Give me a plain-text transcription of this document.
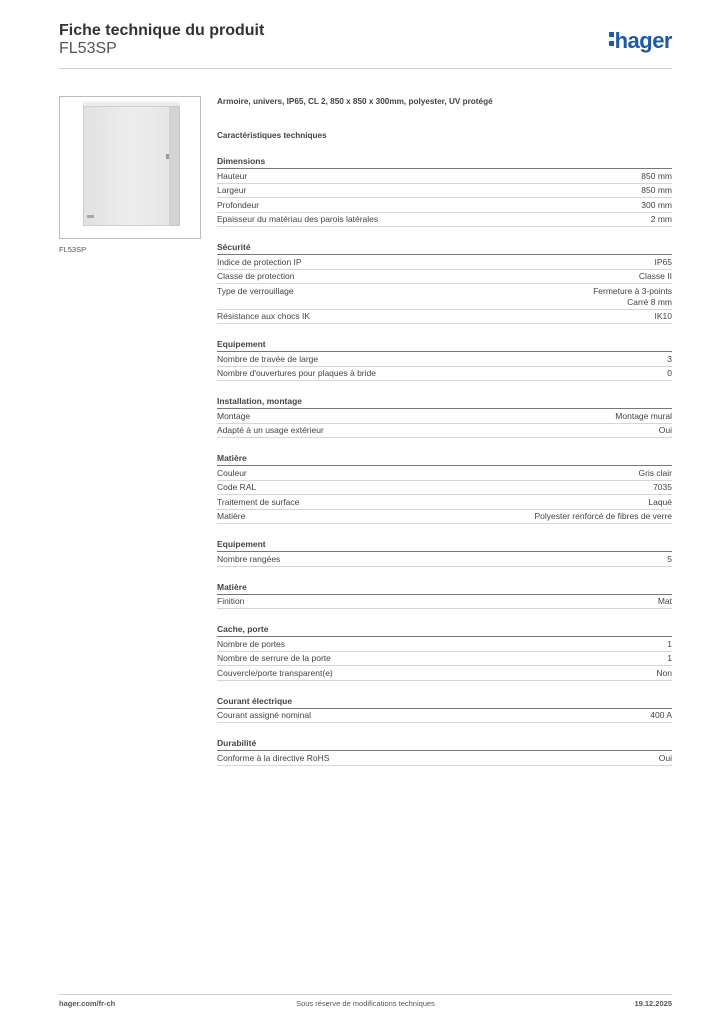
Fiche technique du produit
FL53SP	hager
FL53SP
Armoire, univers, IP65, CL 2, 850 x 850 x 300mm, polyester, UV protégé
Caractéristiques techniques
Dimensions
Hauteur	850 mm
Largeur	850 mm
Profondeur	300 mm
Epaisseur du matériau des parois latérales	2 mm
Sécurité
Indice de protection IP	IP65
Classe de protection	Classe II
Type de verrouillage	Fermeture à 3-points
Carré 8 mm
Résistance aux chocs IK	IK10
Equipement
Nombre de travée de large	3
Nombre d'ouvertures pour plaques à bride	0
Installation, montage
Montage	Montage mural
Adapté à un usage extérieur	Oui
Matière
Couleur	Gris clair
Code RAL	7035
Traitement de surface	Laqué
Matière	Polyester renforcé de fibres de verre
Equipement
Nombre rangées	5
Matière
Finition	Mat
Cache, porte
Nombre de portes	1
Nombre de serrure de la porte	1
Couvercle/porte transparent(e)	Non
Courant électrique
Courant assigné nominal	400 A
Durabilité
Conforme à la directive RoHS	Oui
hager.com/fr-ch	Sous réserve de modifications techniques	19.12.2025
